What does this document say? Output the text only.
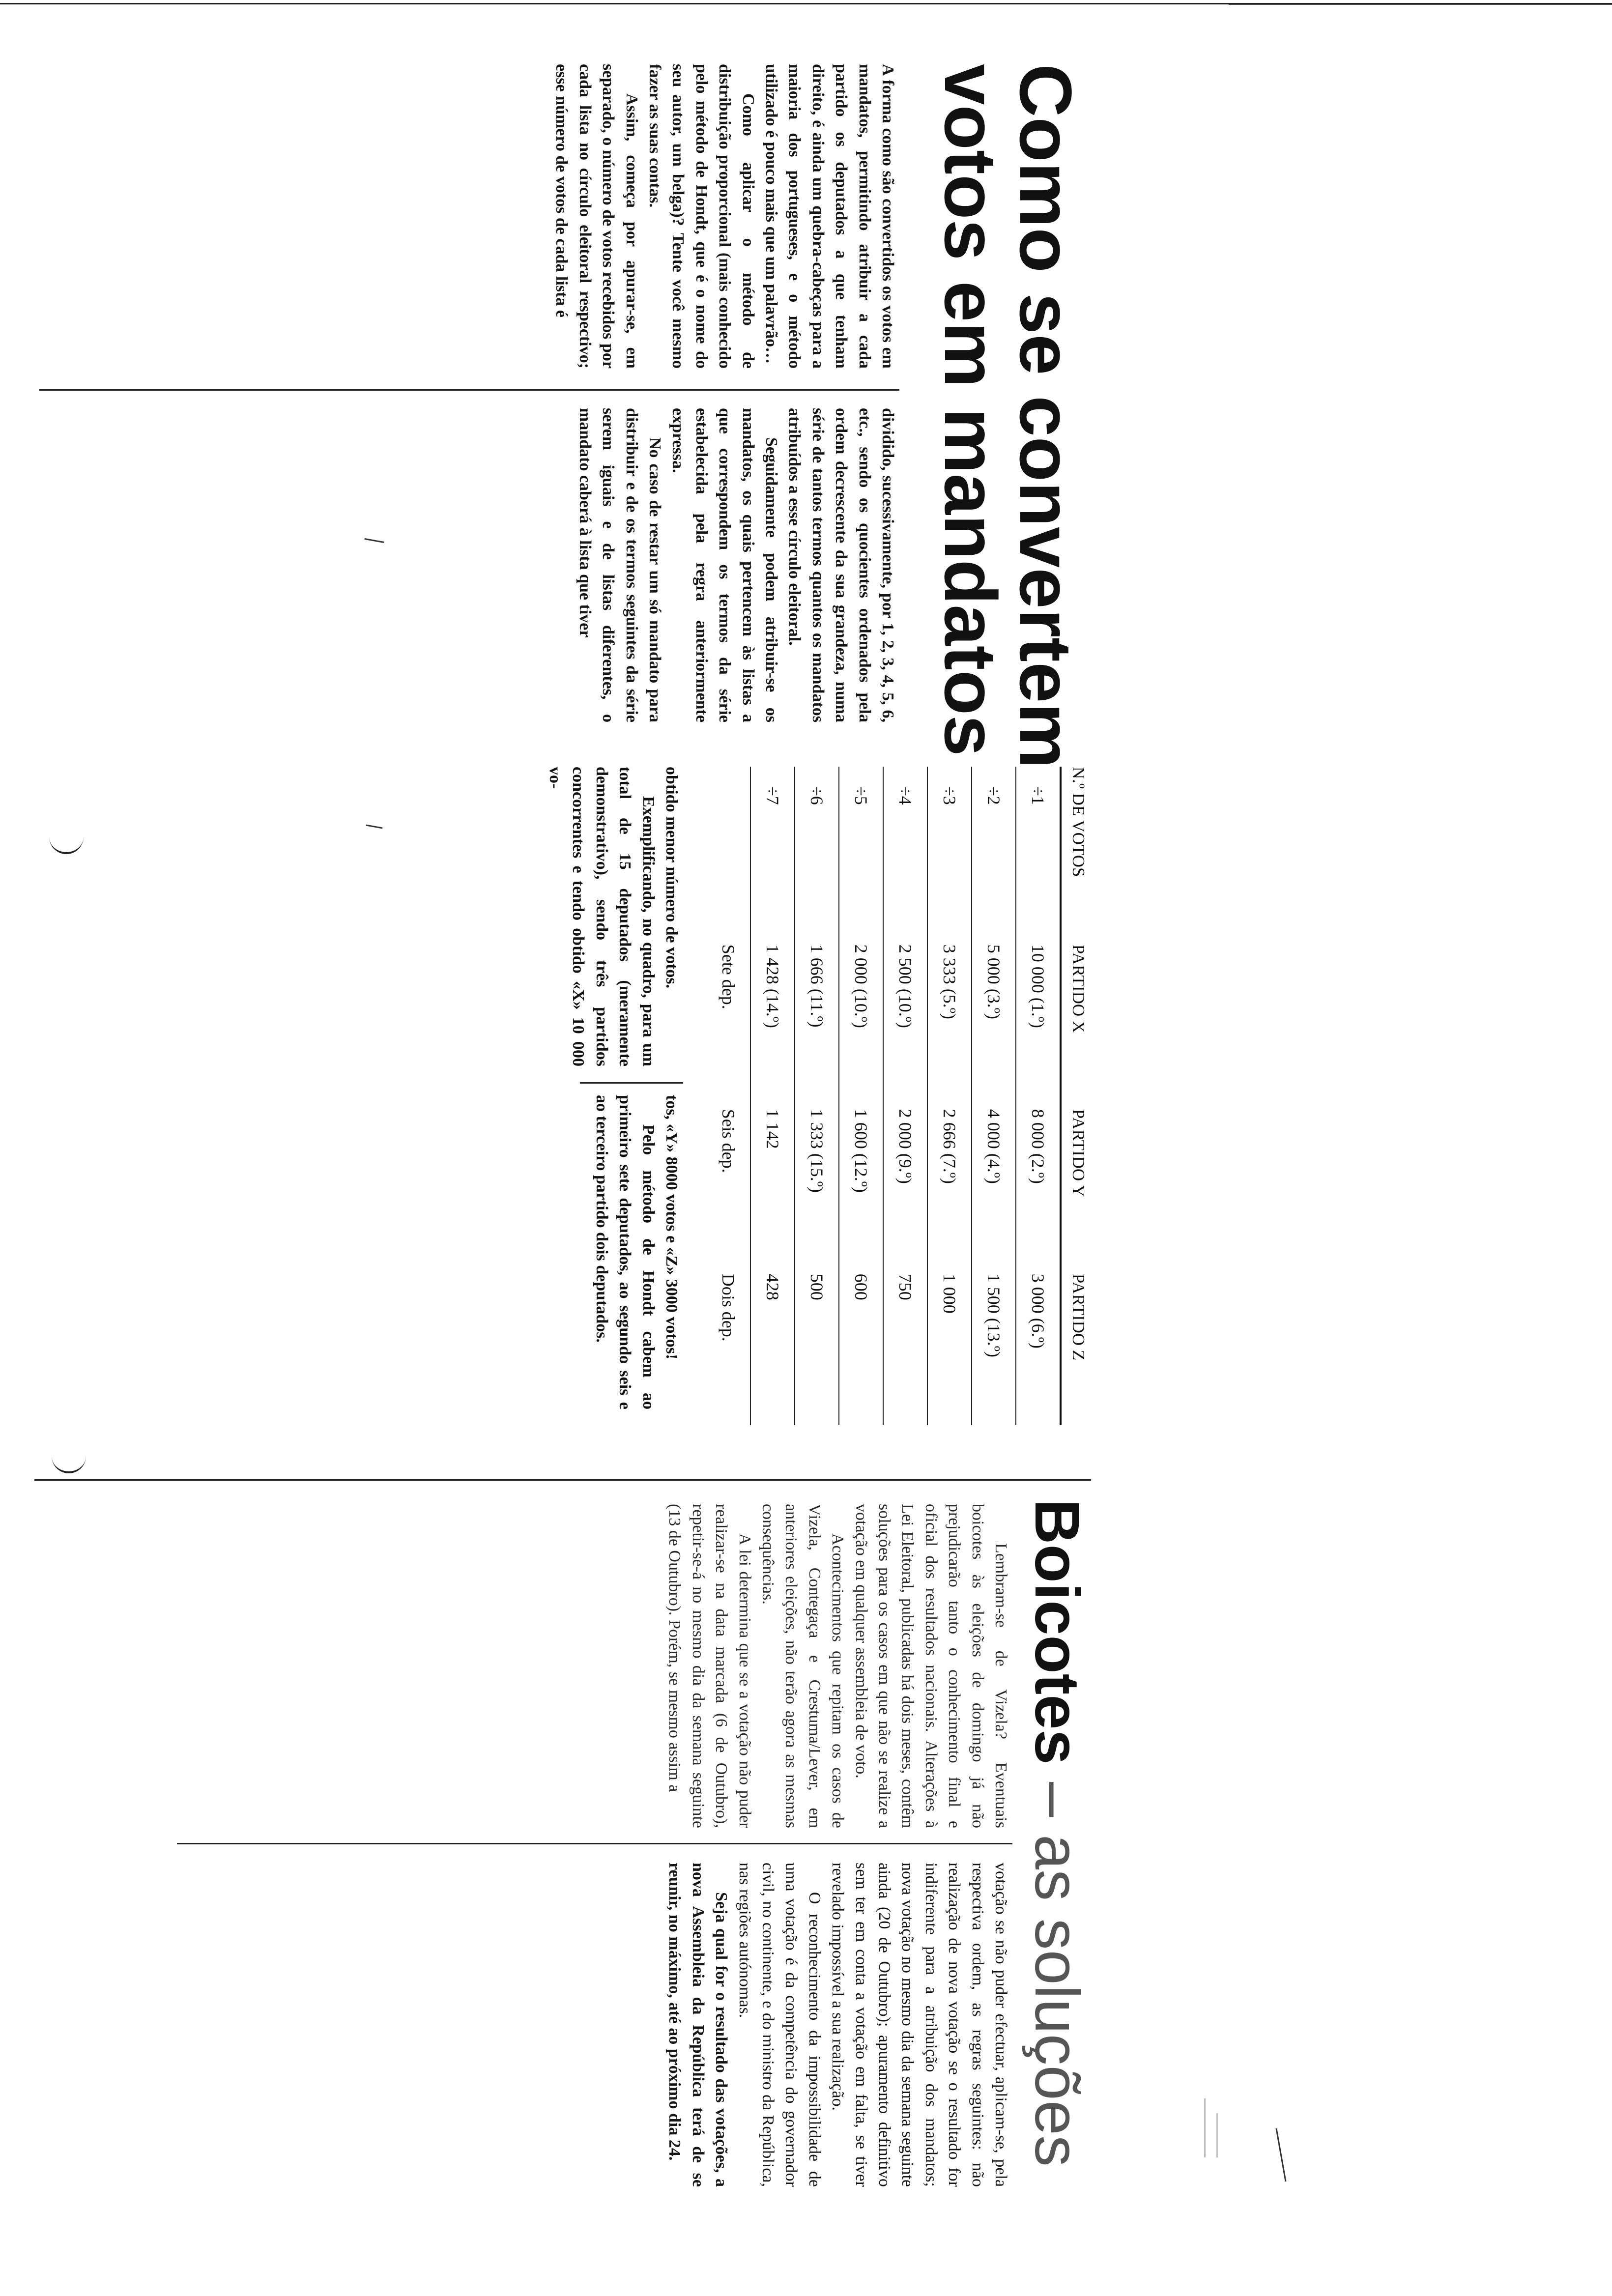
Como se convertem
votos em mandatos

A forma como são convertidos os votos em mandatos, permitindo atribuir a cada partido os deputados a que tenham direito, é ainda um quebra-cabeças para a maioria dos portugueses, e o método utilizado é pouco mais que um palavrão…

Como aplicar o método de distribuição proporcional (mais conhecido pelo método de Hondt, que é o nome do seu autor, um belga)? Tente você mesmo fazer as suas contas.

Assim, começa por apurar-se, em separado, o número de votos recebidos por cada lista no círculo eleitoral respectivo; esse número de votos de cada lista é

dividido, sucessivamente, por 1, 2, 3, 4, 5, 6, etc., sendo os quocientes ordenados pela ordem decrescente da sua grandeza, numa série de tantos termos quantos os mandatos atribuídos a esse círculo eleitoral.

Seguidamente podem atribuir-se os mandatos, os quais pertencem às listas a que correspondem os termos da série estabelecida pela regra anteriormente expressa.

No caso de restar um só mandato para distribuir e de os termos seguintes da série serem iguais e de listas diferentes, o mandato caberá à lista que tiver

N.º DE VOTOS	PARTIDO X	PARTIDO Y	PARTIDO Z
÷1	10 000 (1.º)	8 000 (2.º)	3 000 (6.º)
÷2	5 000 (3.º)	4 000 (4.º)	1 500 (13.º)
÷3	3 333 (5.º)	2 666 (7.º)	1 000
÷4	2 500 (10.º)	2 000 (9.º)	750
÷5	2 000 (10.º)	1 600 (12.º)	600
÷6	1 666 (11.º)	1 333 (15.º)	500
÷7	1 428 (14.º)	1 142	428
	Sete dep.	Seis dep.	Dois dep.

obtido menor número de votos.

Exemplificando, no quadro, para um total de 15 deputados (meramente demonstrativo), sendo três partidos concorrentes e tendo obtido «X» 10 000 vo-

tos, «Y» 8000 votos e «Z» 3000 votos!

Pelo método de Hondt cabem ao primeiro sete deputados, ao segundo seis e ao terceiro partido dois deputados.

Boicotes – as soluções

Lembram-se de Vizela? Eventuais boicotes às eleições de domingo já não prejudicarão tanto o conhecimento final e oficial dos resultados nacionais. Alterações à Lei Eleitoral, publicadas há dois meses, contêm soluções para os casos em que não se realize a votação em qualquer assembleia de voto.

Acontecimentos que repitam os casos de Vizela, Contegaça e Crestuma/Lever, em anteriores eleições, não terão agora as mesmas consequências.

A lei determina que se a votação não puder realizar-se na data marcada (6 de Outubro), repetir-se-á no mesmo dia da semana seguinte (13 de Outubro). Porém, se mesmo assim a

votação se não puder efectuar, aplicam-se, pela respectiva ordem, as regras seguintes: não realização de nova votação se o resultado for indiferente para a atribuição dos mandatos; nova votação no mesmo dia da semana seguinte ainda (20 de Outubro); apuramento definitivo sem ter em conta a votação em falta, se tiver revelado impossível a sua realização.

O reconhecimento da impossibilidade de uma votação é da competência do governador civil, no continente, e do ministro da República, nas regiões autónomas.

Seja qual for o resultado das votações, a nova Assembleia da República terá de se reunir, no máximo, até ao próximo dia 24.
